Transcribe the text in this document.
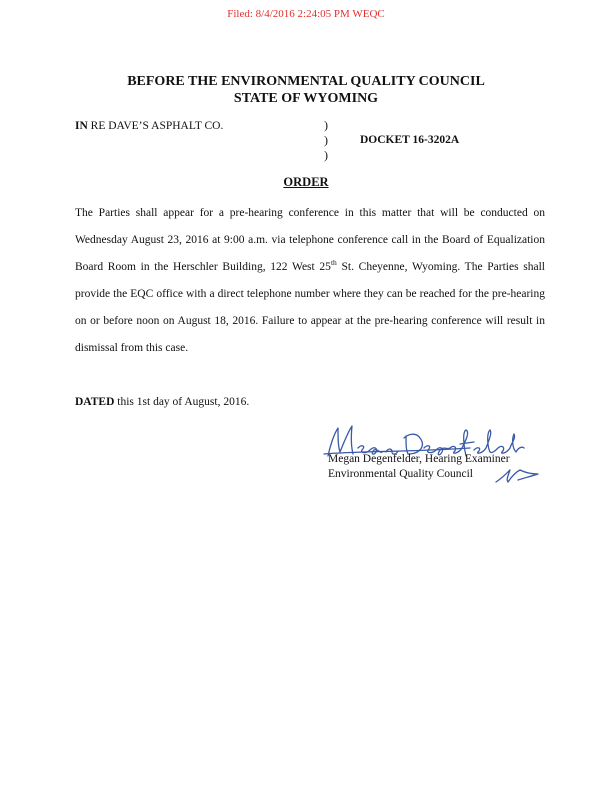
Filed: 8/4/2016 2:24:05 PM WEQC
BEFORE THE ENVIRONMENTAL QUALITY COUNCIL
STATE OF WYOMING
IN RE DAVE’S ASPHALT CO.	)
)
)
DOCKET 16-3202A
ORDER
The Parties shall appear for a pre-hearing conference in this matter that will be conducted on Wednesday August 23, 2016 at 9:00 a.m. via telephone conference call in the Board of Equalization Board Room in the Herschler Building, 122 West 25th St. Cheyenne, Wyoming. The Parties shall provide the EQC office with a direct telephone number where they can be reached for the pre-hearing on or before noon on August 18, 2016. Failure to appear at the pre-hearing conference will result in dismissal from this case.
DATED this 1st day of August, 2016.
Megan Degenfelder, Hearing Examiner
Environmental Quality Council
